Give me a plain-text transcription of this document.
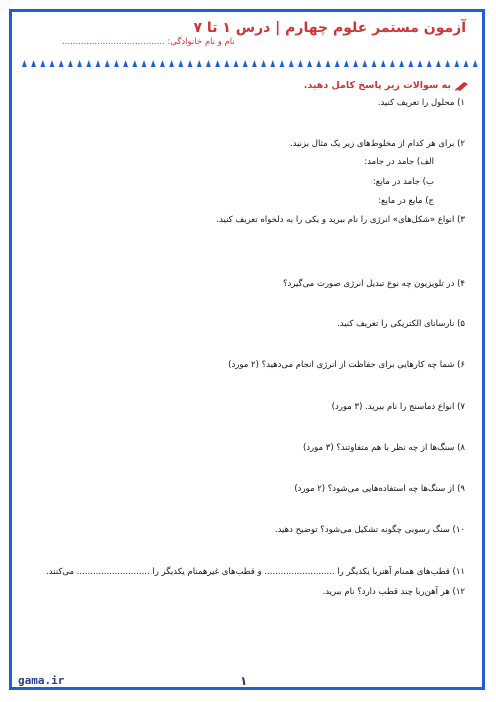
آزمون مستمر علوم چهارم | درس ۱ تا ۷
نام و نام خانوادگی: ......................................
به سوالات زیر پاسخ کامل دهید.
۱) محلول را تعریف کنید.
۲) برای هر کدام از مخلوط‌های زیر یک مثال بزنید.
الف) جامد در جامد:
ب) جامد در مایع:
ج) مایع در مایع:
۳) انواع «شکل‌های» انرژی را نام ببرید و یکی را به دلخواه تعریف کنید.
۴) در تلویزیون چه نوع تبدیل انرژی صورت می‌گیرد؟
۵) نارسانای الکتریکی را تعریف کنید.
۶) شما چه کارهایی برای حفاظت از انرژی انجام می‌دهید؟ (۲ مورد)
۷) انواع دماسنج را نام ببرید. (۳ مورد)
۸) سنگ‌ها از چه نظر با هم متفاوتند؟ (۳ مورد)
۹) از سنگ‌ها چه استفاده‌هایی می‌شود؟ (۲ مورد)
۱۰) سنگ رسوبی چگونه تشکیل می‌شود؟ توضیح دهید.
۱۱) قطب‌های همنام آهنربا یکدیگر را .......................... و قطب‌های غیرهمنام یکدیگر را ........................... می‌کنند.
۱۲) هر آهن‌ربا چند قطب دارد؟ نام ببرید.
gama.ir	۱
